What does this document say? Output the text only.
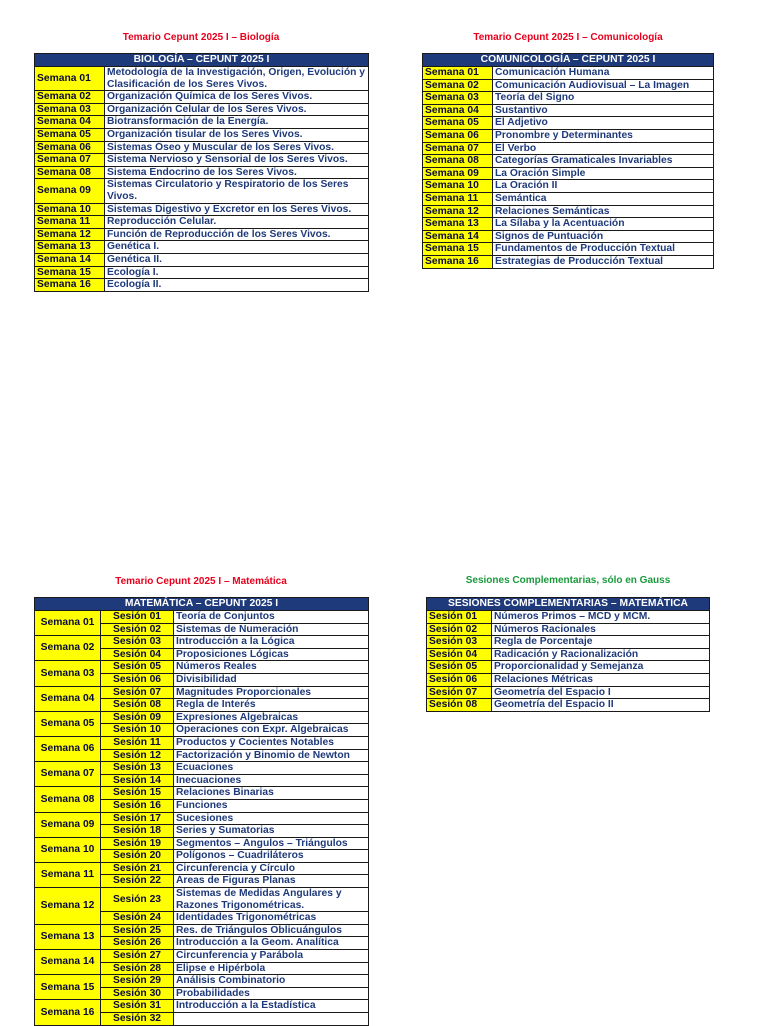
Temario Cepunt 2025 I – Biología	Temario Cepunt 2025 I – Comunicología
Temario Cepunt 2025 I – Matemática	Sesiones Complementarias, sólo en Gauss
BIOLOGÍA – CEPUNT 2025 I	
Semana 01	Metodología de la Investigación, Origen, Evolución y Clasificación de los Seres Vivos.
Semana 02	Organización Química de los Seres Vivos.
Semana 03	Organización Celular de los Seres Vivos.
Semana 04	Biotransformación de la Energía.
Semana 05	Organización tisular de los Seres Vivos.
Semana 06	Sistemas Óseo y Muscular de los Seres Vivos.
Semana 07	Sistema Nervioso y Sensorial de los Seres Vivos.
Semana 08	Sistema Endocrino de los Seres Vivos.
Semana 09	Sistemas Circulatorio y Respiratorio de los Seres Vivos.
Semana 10	Sistemas Digestivo y Excretor en los Seres Vivos.
Semana 11	Reproducción Celular.
Semana 12	Función de Reproducción de los Seres Vivos.
Semana 13	Genética I.
Semana 14	Genética II.
Semana 15	Ecología I.
Semana 16	Ecología II.
COMUNICOLOGÍA – CEPUNT 2025 I	
Semana 01	Comunicación Humana
Semana 02	Comunicación Audiovisual – La Imagen
Semana 03	Teoría del Signo
Semana 04	Sustantivo
Semana 05	El Adjetivo
Semana 06	Pronombre y Determinantes
Semana 07	El Verbo
Semana 08	Categorías Gramaticales Invariables
Semana 09	La Oración Simple
Semana 10	La Oración II
Semana 11	Semántica
Semana 12	Relaciones Semánticas
Semana 13	La Sílaba y la Acentuación
Semana 14	Signos de Puntuación
Semana 15	Fundamentos de Producción Textual
Semana 16	Estrategias de Producción Textual
MATEMÁTICA – CEPUNT 2025 I		
Semana 01	Sesión 01	Teoría de Conjuntos
	Sesión 02	Sistemas de Numeración
Semana 02	Sesión 03	Introducción a la Lógica
	Sesión 04	Proposiciones Lógicas
Semana 03	Sesión 05	Números Reales
	Sesión 06	Divisibilidad
Semana 04	Sesión 07	Magnitudes Proporcionales
	Sesión 08	Regla de Interés
Semana 05	Sesión 09	Expresiones Algebraicas
	Sesión 10	Operaciones con Expr. Algebraicas
Semana 06	Sesión 11	Productos y Cocientes Notables
	Sesión 12	Factorización y Binomio de Newton
Semana 07	Sesión 13	Ecuaciones
	Sesión 14	Inecuaciones
Semana 08	Sesión 15	Relaciones Binarias
	Sesión 16	Funciones
Semana 09	Sesión 17	Sucesiones
	Sesión 18	Series y Sumatorias
Semana 10	Sesión 19	Segmentos – Ángulos – Triángulos
	Sesión 20	Polígonos – Cuadriláteros
Semana 11	Sesión 21	Circunferencia y Círculo
	Sesión 22	Áreas de Figuras Planas
Semana 12	Sesión 23	Sistemas de Medidas Angulares y Razones Trigonométricas.
	Sesión 24	Identidades Trigonométricas
Semana 13	Sesión 25	Res. de Triángulos Oblicuángulos
	Sesión 26	Introducción a la Geom. Analítica
Semana 14	Sesión 27	Circunferencia y Parábola
	Sesión 28	Elipse e Hipérbola
Semana 15	Sesión 29	Análisis Combinatorio
	Sesión 30	Probabilidades
Semana 16	Sesión 31	Introducción a la Estadística
	Sesión 32	
SESIONES COMPLEMENTARIAS – MATEMÁTICA	
Sesión 01	Números Primos – MCD y MCM.
Sesión 02	Números Racionales
Sesión 03	Regla de Porcentaje
Sesión 04	Radicación y Racionalización
Sesión 05	Proporcionalidad y Semejanza
Sesión 06	Relaciones Métricas
Sesión 07	Geometría del Espacio I
Sesión 08	Geometría del Espacio II
